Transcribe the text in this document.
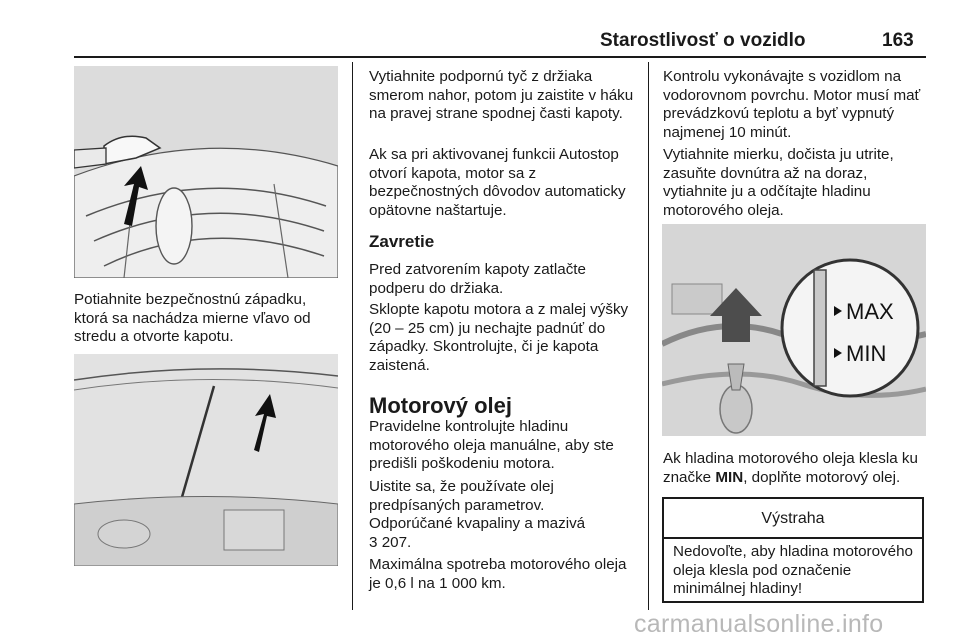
Starostlivosť o vozidlo	163

Potiahnite bezpečnostnú západku, ktorá sa nachádza mierne vľavo od stredu a otvorte kapotu.

Vytiahnite podpornú tyč z držiaka smerom nahor, potom ju zaistite v háku na pravej strane spodnej časti kapoty.

Ak sa pri aktivovanej funkcii Autostop otvorí kapota, motor sa z bezpečnostných dôvodov automaticky opätovne naštartuje.

Zavretie

Pred zatvorením kapoty zatlačte podperu do držiaka.

Sklopte kapotu motora a z malej výšky (20 – 25 cm) ju nechajte padnúť do západky. Skontrolujte, či je kapota zaistená.

Motorový olej

Pravidelne kontrolujte hladinu motorového oleja manuálne, aby ste predišli poškodeniu motora.

Uistite sa, že používate olej predpísaných parametrov.

Odporúčané kvapaliny a mazivá
3 207.

Maximálna spotreba motorového oleja je 0,6 l na 1 000 km.

Kontrolu vykonávajte s vozidlom na vodorovnom povrchu. Motor musí mať prevádzkovú teplotu a byť vypnutý najmenej 10 minút.

Vytiahnite mierku, dočista ju utrite, zasuňte dovnútra až na doraz, vytiahnite ju a odčítajte hladinu motorového oleja.

MAX
MIN

Ak hladina motorového oleja klesla ku značke MIN, doplňte motorový olej.

Výstraha

Nedovoľte, aby hladina motorového oleja klesla pod označenie minimálnej hladiny!

carmanualsonline.info
